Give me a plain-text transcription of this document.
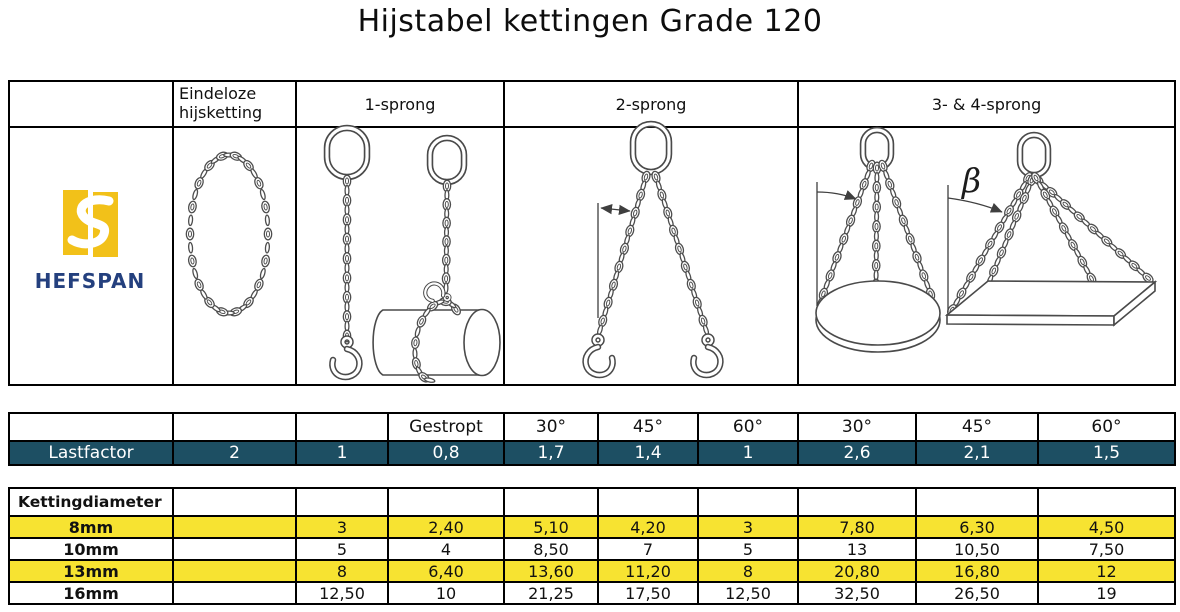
Hijstabel kettingen Grade 120
	Eindeloze hijsketting	1-sprong	2-sprong	3- & 4-sprong

HEFSPAN
			Gestropt	30°	45°	60°	30°	45°	60°
Lastfactor	2	1	0,8	1,7	1,4	1	2,6	2,1	1,5
Kettingdiameter									
8mm		3	2,40	5,10	4,20	3	7,80	6,30	4,50
10mm		5	4	8,50	7	5	13	10,50	7,50
13mm		8	6,40	13,60	11,20	8	20,80	16,80	12
16mm		12,50	10	21,25	17,50	12,50	32,50	26,50	19
β
